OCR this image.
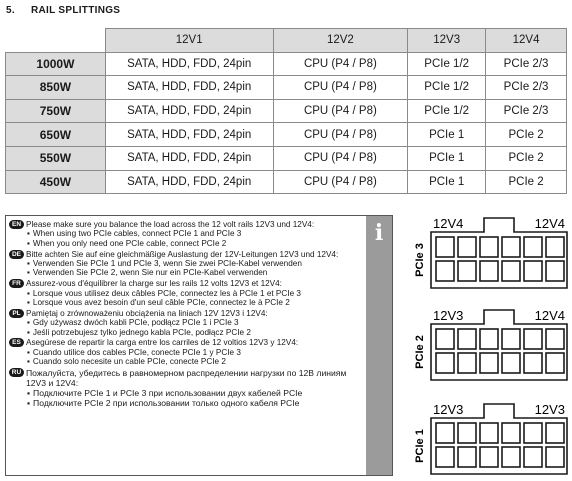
5. RAIL SPLITTINGS
	12V1	12V2	12V3	12V4
1000W	SATA, HDD, FDD, 24pin	CPU (P4 / P8)	PCIe 1/2	PCIe 2/3
850W	SATA, HDD, FDD, 24pin	CPU (P4 / P8)	PCIe 1/2	PCIe 2/3
750W	SATA, HDD, FDD, 24pin	CPU (P4 / P8)	PCIe 1/2	PCIe 2/3
650W	SATA, HDD, FDD, 24pin	CPU (P4 / P8)	PCIe 1	PCIe 2
550W	SATA, HDD, FDD, 24pin	CPU (P4 / P8)	PCIe 1	PCIe 2
450W	SATA, HDD, FDD, 24pin	CPU (P4 / P8)	PCIe 1	PCIe 2
EN Please make sure you balance the load across the 12 volt rails 12V3 und 12V4:
▪ When using two PCIe cables, connect PCIe 1 and PCIe 3
▪ When you only need one PCIe cable, connect PCIe 2
DE Bitte achten Sie auf eine gleichmäßige Auslastung der 12V-Leitungen 12V3 und 12V4:
▪ Verwenden Sie PCIe 1 und PCIe 3, wenn Sie zwei PCIe-Kabel verwenden
▪ Verwenden Sie PCIe 2, wenn Sie nur ein PCIe-Kabel verwenden
FR Assurez-vous d'équilibrer la charge sur les rails 12 volts 12V3 et 12V4:
▪ Lorsque vous utilisez deux câbles PCIe, connectez les à PCIe 1 et PCIe 3
▪ Lorsque vous avez besoin d'un seul câble PCIe, connectez le à PCIe 2
PL Pamiętaj o zrównoważeniu obciążenia na liniach 12V 12V3 i 12V4:
▪ Gdy używasz dwóch kabli PCIe, podłącz PCIe 1 i PCIe 3
▪ Jeśli potrzebujesz tylko jednego kabla PCIe, podłącz PCIe 2
ES Asegúrese de repartir la carga entre los carriles de 12 voltios 12V3 y 12V4:
▪ Cuando utilice dos cables PCIe, conecte PCIe 1 y PCIe 3
▪ Cuando solo necesite un cable PCIe, conecte PCIe 2
RU Пожалуйста, убедитесь в равномерном распределении нагрузки по 12В линиям 12V3 и 12V4:
▪ Подключите PCIe 1 и PCIe 3 при использовании двух кабелей PCIe
▪ Подключите PCIe 2 при использовании только одного кабеля PCIe
i	12V4	12V4
PCIe 3
12V3	12V4
PCIe 2
12V3	12V3
PCIe 1
